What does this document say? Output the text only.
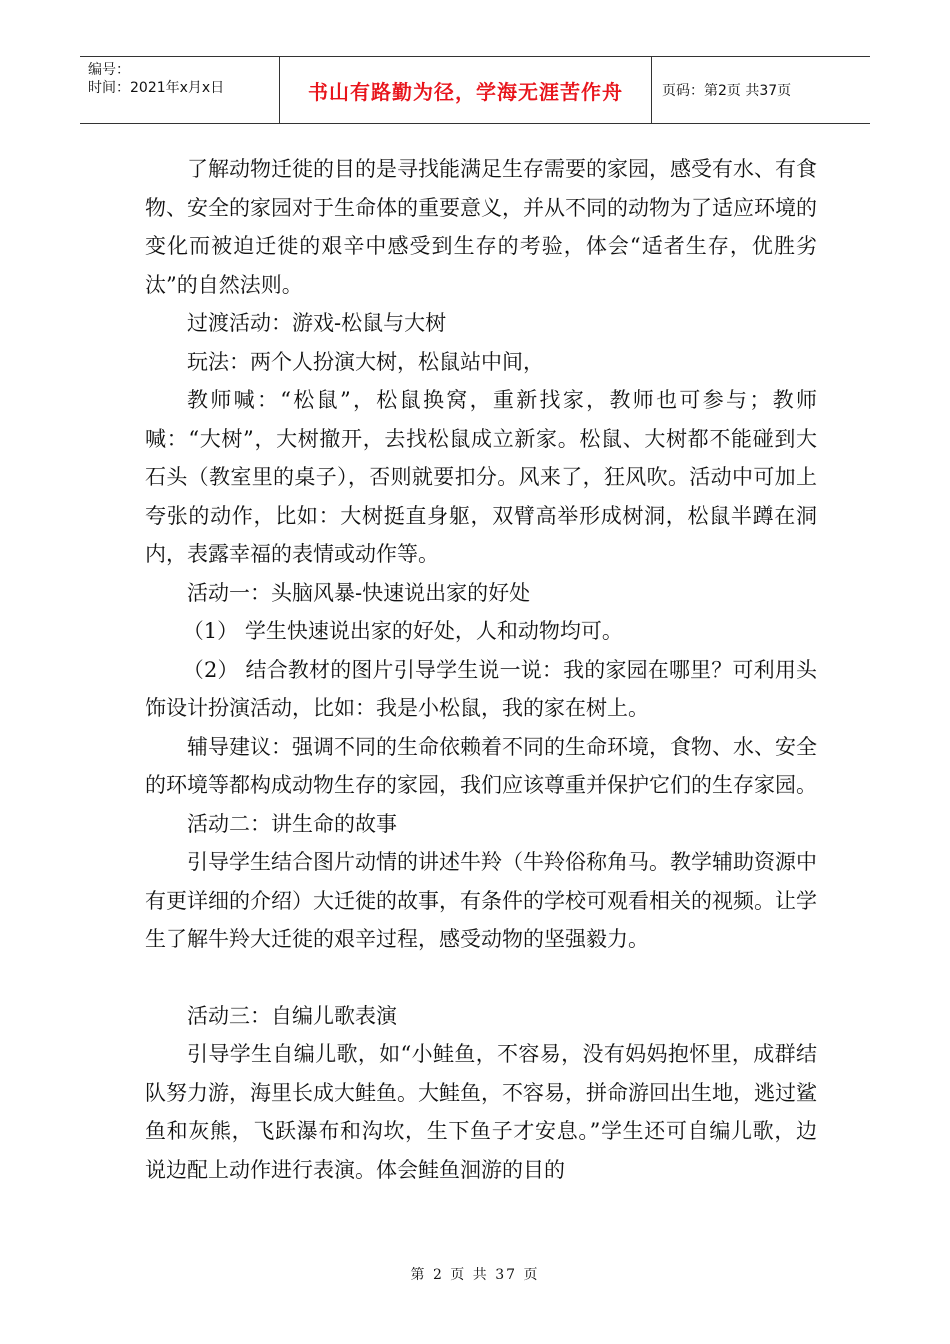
编号：
时间：2021年x月x日	书山有路勤为径，学海无涯苦作舟	页码：第2页 共37页

了解动物迁徙的目的是寻找能满足生存需要的家园，感受有水、有食物、安全的家园对于生命体的重要意义，并从不同的动物为了适应环境的变化而被迫迁徙的艰辛中感受到生存的考验，体会“适者生存，优胜劣汰”的自然法则。

过渡活动：游戏-松鼠与大树

玩法：两个人扮演大树，松鼠站中间，

教师喊：“松鼠”，松鼠换窝，重新找家，教师也可参与；教师喊：“大树”，大树撤开，去找松鼠成立新家。松鼠、大树都不能碰到大石头（教室里的桌子），否则就要扣分。风来了，狂风吹。活动中可加上夸张的动作，比如：大树挺直身躯，双臂高举形成树洞，松鼠半蹲在洞内，表露幸福的表情或动作等。

活动一：头脑风暴-快速说出家的好处

（1） 学生快速说出家的好处，人和动物均可。

（2） 结合教材的图片引导学生说一说：我的家园在哪里？可利用头饰设计扮演活动，比如：我是小松鼠，我的家在树上。

辅导建议：强调不同的生命依赖着不同的生命环境，食物、水、安全的环境等都构成动物生存的家园，我们应该尊重并保护它们的生存家园。

活动二：讲生命的故事

引导学生结合图片动情的讲述牛羚（牛羚俗称角马。教学辅助资源中有更详细的介绍）大迁徙的故事，有条件的学校可观看相关的视频。让学生了解牛羚大迁徙的艰辛过程，感受动物的坚强毅力。

活动三：自编儿歌表演

引导学生自编儿歌，如“小鲑鱼，不容易，没有妈妈抱怀里，成群结队努力游，海里长成大鲑鱼。大鲑鱼，不容易，拼命游回出生地，逃过鲨鱼和灰熊，飞跃瀑布和沟坎，生下鱼子才安息。”学生还可自编儿歌，边说边配上动作进行表演。体会鲑鱼洄游的目的

第 2 页 共 37 页
